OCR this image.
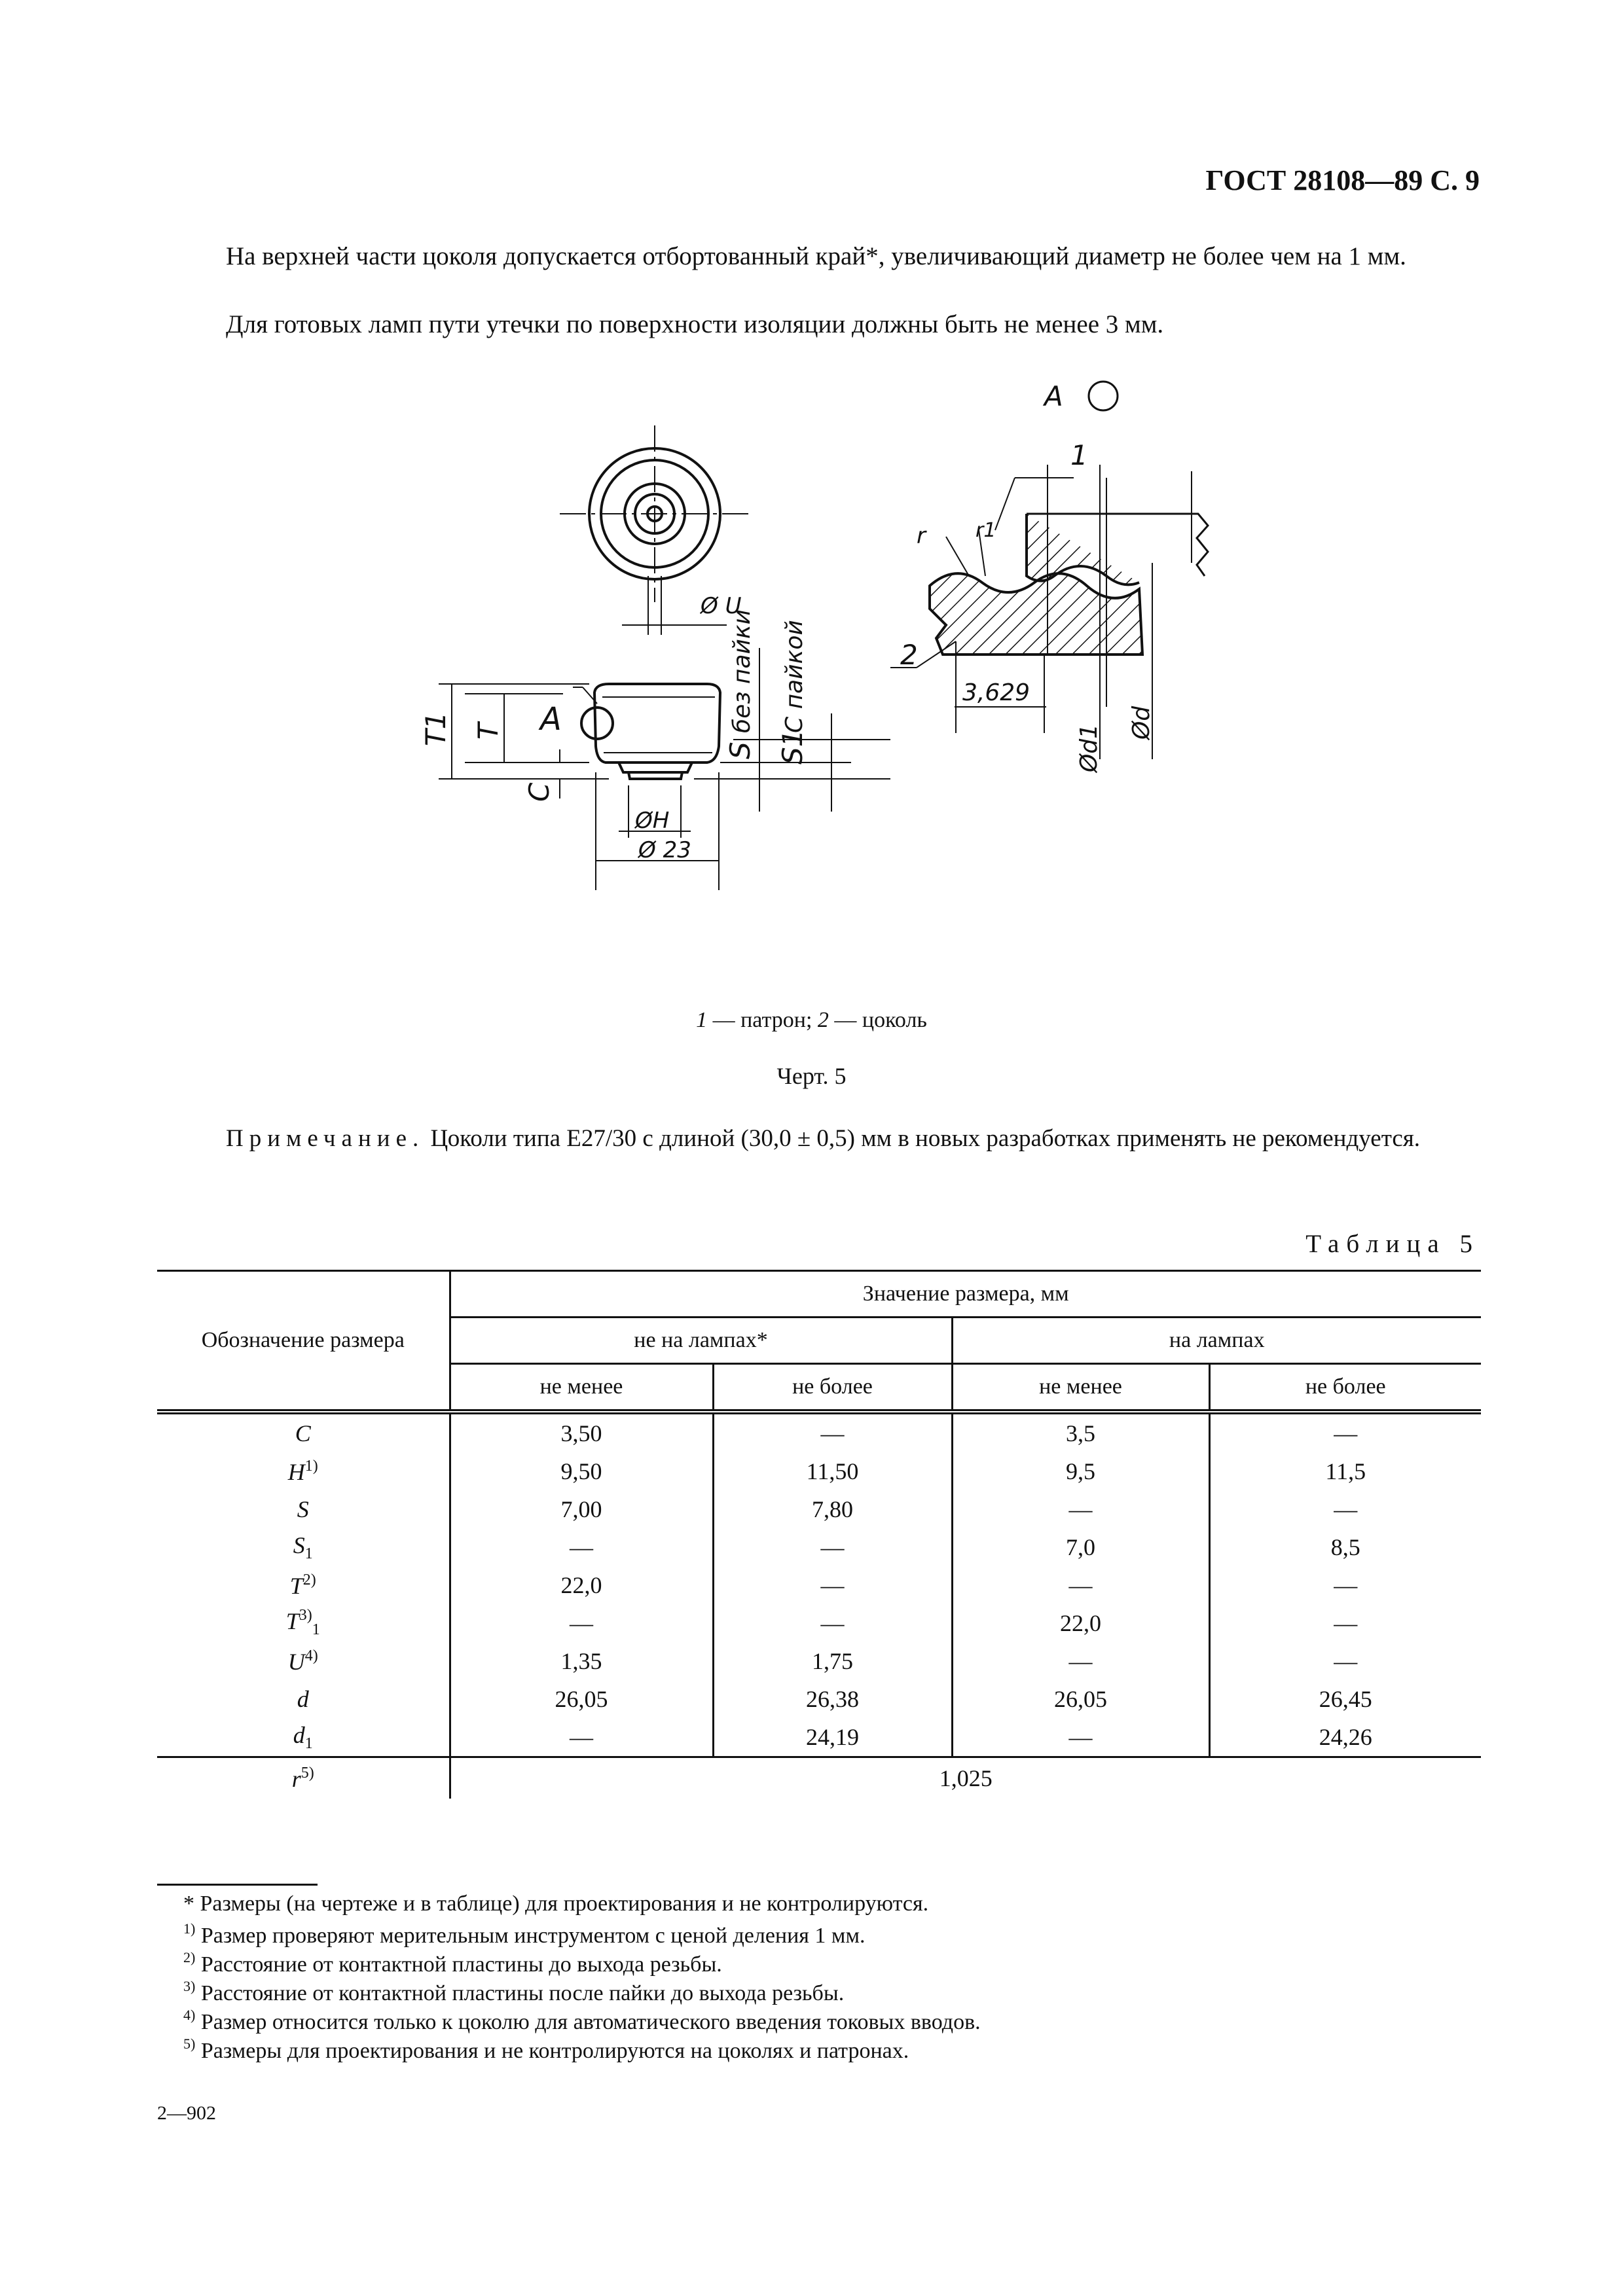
ГОСТ 28108—89 С. 9
На верхней части цоколя допускается отбортованный край*, увеличивающий диаметр не более чем на 1 мм.
Для готовых ламп пути утечки по поверхности изоляции должны быть не менее 3 мм.
A
Ø U
ØH
Ø 23
A
T1 T
C
S S1
без пайки С пайкой
1
2
r	r1
3,629
Ød1
Ød
1 — патрон; 2 — цоколь
Черт. 5
Примечание. Цоколи типа Е27/30 с длиной (30,0 ± 0,5) мм в новых разработках применять не рекомендуется.
Таблица 5
Обозначение размера	Значение размера, мм			
	не на лампах*		на лампах	
	не менее	не более	не менее	не более
C	3,50	—	3,5	—
$H^{1)}$	9,50	11,50	9,5	11,5
S	7,00	7,80	—	—
$S_1$	—	—	7,0	8,5
$T^{2)}$	22,0	—	—	—
$T^{3)}_1$	—	—	22,0	—
$U^{4)}$	1,35	1,75	—	—
d	26,05	26,38	26,05	26,45
$d_1$	—	24,19	—	24,26
$r^{5)}$	1,025			
* Размеры (на чертеже и в таблице) для проектирования и не контролируются.
$^{1)}$ Размер проверяют мерительным инструментом с ценой деления 1 мм.
$^{2)}$ Расстояние от контактной пластины до выхода резьбы.
$^{3)}$ Расстояние от контактной пластины после пайки до выхода резьбы.
$^{4)}$ Размер относится только к цоколю для автоматического введения токовых вводов.
$^{5)}$ Размеры для проектирования и не контролируются на цоколях и патронах.
2—902
